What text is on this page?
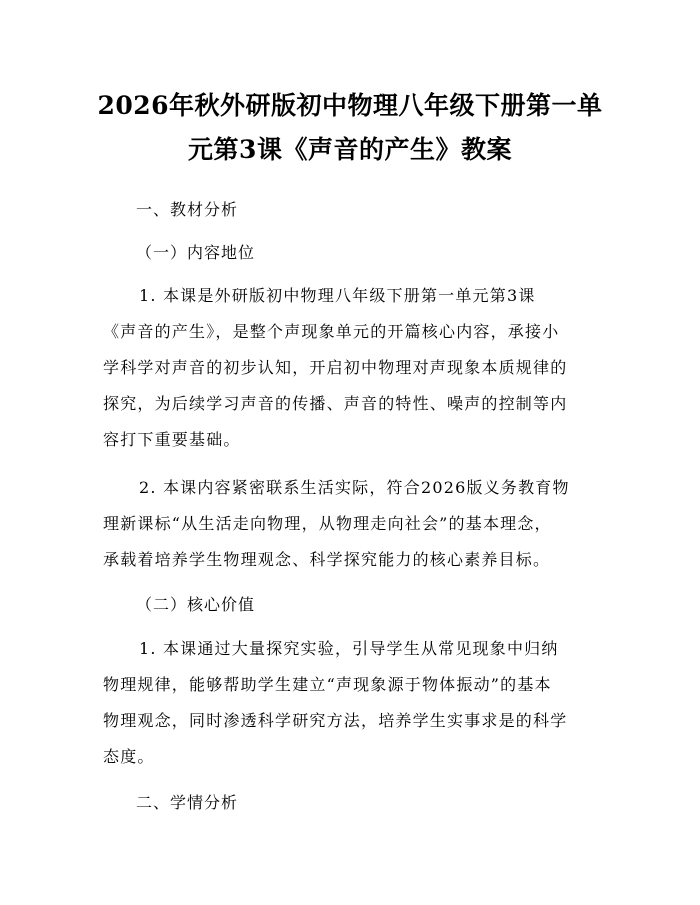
2026年秋外研版初中物理八年级下册第一单
元第3课《声音的产生》教案
一、教材分析
（一）内容地位
1. 本课是外研版初中物理八年级下册第一单元第3课
《声音的产生》，是整个声现象单元的开篇核心内容，承接小
学科学对声音的初步认知，开启初中物理对声现象本质规律的
探究，为后续学习声音的传播、声音的特性、噪声的控制等内
容打下重要基础。
2. 本课内容紧密联系生活实际，符合2026版义务教育物
理新课标“从生活走向物理，从物理走向社会”的基本理念，
承载着培养学生物理观念、科学探究能力的核心素养目标。
（二）核心价值
1. 本课通过大量探究实验，引导学生从常见现象中归纳
物理规律，能够帮助学生建立“声现象源于物体振动”的基本
物理观念，同时渗透科学研究方法，培养学生实事求是的科学
态度。
二、学情分析
